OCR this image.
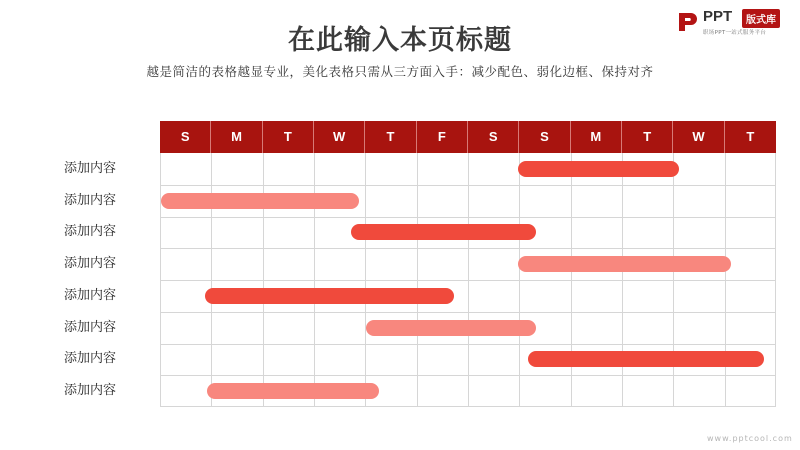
在此输入本页标题
越是简洁的表格越显专业，美化表格只需从三方面入手：减少配色、弱化边框、保持对齐
PPT	版式库
职场PPT一站式服务平台
S	M	T	W	T	F	S	S	M	T	W	T
添加内容
添加内容
添加内容
添加内容
添加内容
添加内容
添加内容
添加内容
www.pptcool.com
